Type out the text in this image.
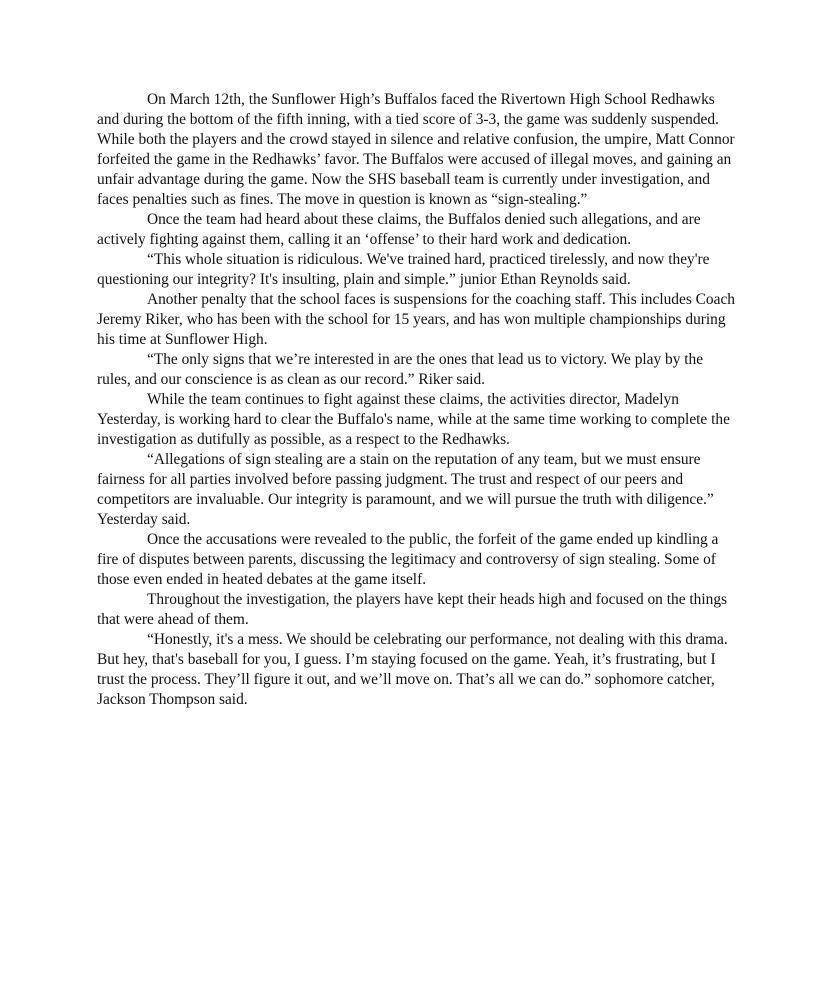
On March 12th, the Sunflower High’s Buffalos faced the Rivertown High School Redhawks and during the bottom of the fifth inning, with a tied score of 3-3, the game was suddenly suspended. While both the players and the crowd stayed in silence and relative confusion, the umpire, Matt Connor forfeited the game in the Redhawks’ favor. The Buffalos were accused of illegal moves, and gaining an unfair advantage during the game. Now the SHS baseball team is currently under investigation, and faces penalties such as fines. The move in question is known as “sign-stealing.”

Once the team had heard about these claims, the Buffalos denied such allegations, and are actively fighting against them, calling it an ‘offense’ to their hard work and dedication.

“This whole situation is ridiculous. We've trained hard, practiced tirelessly, and now they're questioning our integrity? It's insulting, plain and simple.” junior Ethan Reynolds said.

Another penalty that the school faces is suspensions for the coaching staff. This includes Coach Jeremy Riker, who has been with the school for 15 years, and has won multiple championships during his time at Sunflower High.

“The only signs that we’re interested in are the ones that lead us to victory. We play by the rules, and our conscience is as clean as our record.” Riker said.

While the team continues to fight against these claims, the activities director, Madelyn Yesterday, is working hard to clear the Buffalo's name, while at the same time working to complete the investigation as dutifully as possible, as a respect to the Redhawks.

“Allegations of sign stealing are a stain on the reputation of any team, but we must ensure fairness for all parties involved before passing judgment. The trust and respect of our peers and competitors are invaluable. Our integrity is paramount, and we will pursue the truth with diligence.” Yesterday said.

Once the accusations were revealed to the public, the forfeit of the game ended up kindling a fire of disputes between parents, discussing the legitimacy and controversy of sign stealing. Some of those even ended in heated debates at the game itself.

Throughout the investigation, the players have kept their heads high and focused on the things that were ahead of them.

“Honestly, it's a mess. We should be celebrating our performance, not dealing with this drama. But hey, that's baseball for you, I guess. I’m staying focused on the game. Yeah, it’s frustrating, but I trust the process. They’ll figure it out, and we’ll move on. That’s all we can do.” sophomore catcher, Jackson Thompson said.
